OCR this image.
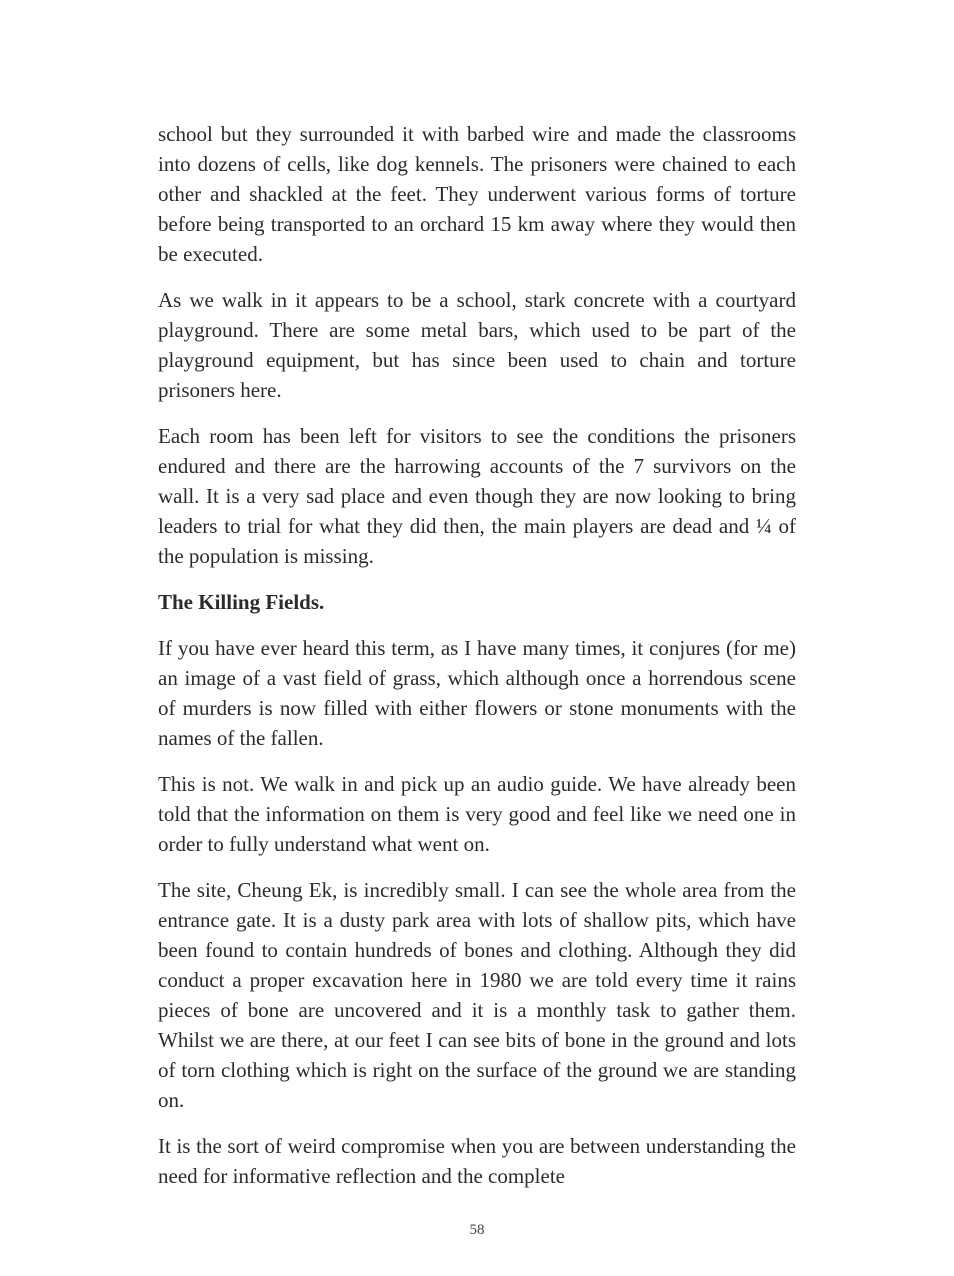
school but they surrounded it with barbed wire and made the classrooms into dozens of cells, like dog kennels. The prisoners were chained to each other and shackled at the feet. They underwent various forms of torture before being transported to an orchard 15 km away where they would then be executed.

As we walk in it appears to be a school, stark concrete with a courtyard playground. There are some metal bars, which used to be part of the playground equipment, but has since been used to chain and torture prisoners here.

Each room has been left for visitors to see the conditions the prisoners endured and there are the harrowing accounts of the 7 survivors on the wall. It is a very sad place and even though they are now looking to bring leaders to trial for what they did then, the main players are dead and ¼ of the population is missing.

The Killing Fields.

If you have ever heard this term, as I have many times, it conjures (for me) an image of a vast field of grass, which although once a horrendous scene of murders is now filled with either flowers or stone monuments with the names of the fallen.

This is not. We walk in and pick up an audio guide. We have already been told that the information on them is very good and feel like we need one in order to fully understand what went on.

The site, Cheung Ek, is incredibly small. I can see the whole area from the entrance gate. It is a dusty park area with lots of shallow pits, which have been found to contain hundreds of bones and clothing. Although they did conduct a proper excavation here in 1980 we are told every time it rains pieces of bone are uncovered and it is a monthly task to gather them. Whilst we are there, at our feet I can see bits of bone in the ground and lots of torn clothing which is right on the surface of the ground we are standing on.

It is the sort of weird compromise when you are between understanding the need for informative reflection and the complete

58
